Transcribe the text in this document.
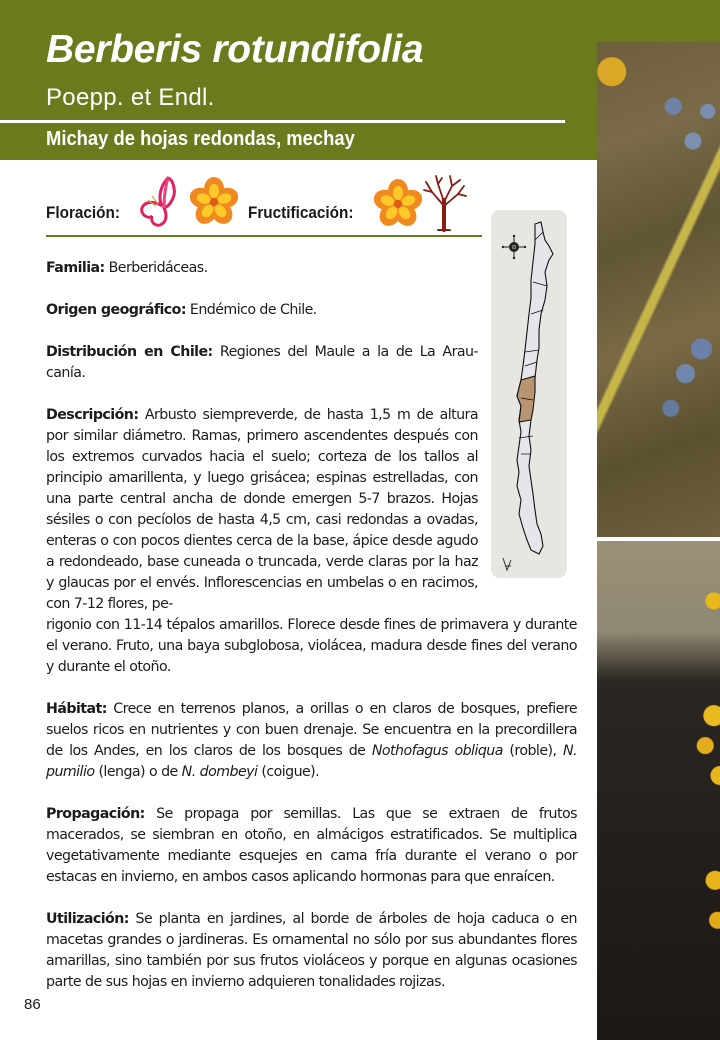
Berberis rotundifolia
Poepp. et Endl.
Michay de hojas redondas, mechay
Floración:	Fructificación:

Familia: Berberidáceas.

Origen geográfico: Endémico de Chile.

Distribución en Chile: Regiones del Maule a la de La Arau- canía.

Descripción: Arbusto siempreverde, de hasta 1,5 m de altura por similar diámetro. Ramas, primero ascendentes después con los extremos curvados hacia el suelo; corteza de los tallos al principio amarillenta, y luego grisácea; espinas estrelladas, con una parte central ancha de donde emergen 5-7 brazos. Hojas sésiles o con pecíolos de hasta 4,5 cm, casi redondas a ovadas, enteras o con pocos dientes cerca de la base, ápice desde agudo a redondeado, base cuneada o truncada, verde claras por la haz y glaucas por el envés. Inflorescencias en umbelas o en racimos, con 7-12 flores, pe-

rigonio con 11-14 tépalos amarillos. Florece desde fines de primavera y durante el verano. Fruto, una baya subglobosa, violácea, madura desde fines del verano y durante el otoño.

Hábitat: Crece en terrenos planos, a orillas o en claros de bosques, prefiere suelos ricos en nutrientes y con buen drenaje. Se encuentra en la precordillera de los Andes, en los claros de los bosques de Nothofagus obliqua (roble), N. pumilio (lenga) o de N. dombeyi (coigue).

Propagación: Se propaga por semillas. Las que se extraen de frutos macerados, se siembran en otoño, en almácigos estratificados. Se multiplica vegetativamente mediante esquejes en cama fría durante el verano o por estacas en invierno, en ambos casos aplicando hormonas para que enraícen.

Utilización: Se planta en jardines, al borde de árboles de hoja caduca o en macetas grandes o jardineras. Es ornamental no sólo por sus abundantes flores amarillas, sino también por sus frutos violáceos y porque en algunas ocasiones parte de sus hojas en invierno adquieren tonalidades rojizas.

86
